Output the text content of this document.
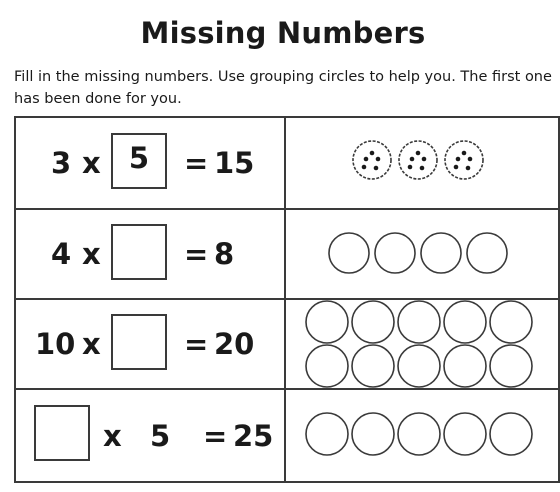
Missing Numbers
Fill in the missing numbers. Use grouping circles to help you. The first one has been done for you.
3 x 5	= 15
4 x	= 8
10 x	= 20
x 5 = 25
